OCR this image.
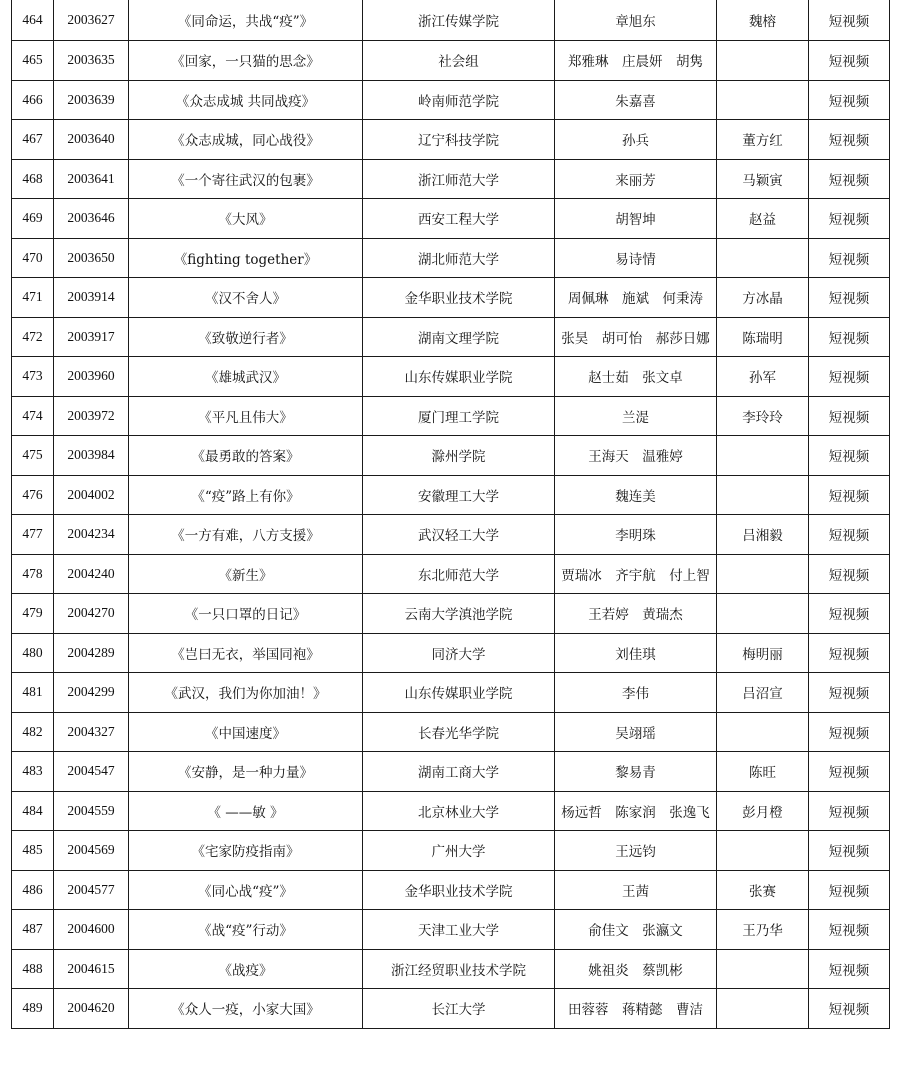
464	2003627	《同命运，共战“疫”》	浙江传媒学院	章旭东	魏榕	短视频
465	2003635	《回家，一只猫的思念》	社会组	郑雅琳　庄晨妍　胡隽		短视频
466	2003639	《众志成城 共同战疫》	岭南师范学院	朱嘉喜		短视频
467	2003640	《众志成城，同心战役》	辽宁科技学院	孙兵	董方红	短视频
468	2003641	《一个寄往武汉的包裹》	浙江师范大学	来丽芳	马颖寅	短视频
469	2003646	《大风》	西安工程大学	胡智坤	赵益	短视频
470	2003650	《fighting together》	湖北师范大学	易诗情		短视频
471	2003914	《汉不舍人》	金华职业技术学院	周佩琳　施斌　何秉涛	方冰晶	短视频
472	2003917	《致敬逆行者》	湖南文理学院	张昊　胡可怡　郝莎日娜	陈瑞明	短视频
473	2003960	《雄城武汉》	山东传媒职业学院	赵士茹　张文卓	孙军	短视频
474	2003972	《平凡且伟大》	厦门理工学院	兰湜	李玲玲	短视频
475	2003984	《最勇敢的答案》	滁州学院	王海天　温雅婷		短视频
476	2004002	《“疫”路上有你》	安徽理工大学	魏连美		短视频
477	2004234	《一方有难，八方支援》	武汉轻工大学	李明珠	吕湘毅	短视频
478	2004240	《新生》	东北师范大学	贾瑞冰　齐宇航　付上智		短视频
479	2004270	《一只口罩的日记》	云南大学滇池学院	王若婷　黄瑞杰		短视频
480	2004289	《岂曰无衣，举国同袍》	同济大学	刘佳琪	梅明丽	短视频
481	2004299	《武汉，我们为你加油！》	山东传媒职业学院	李伟	吕沼宣	短视频
482	2004327	《中国速度》	长春光华学院	吴翊瑶		短视频
483	2004547	《安静，是一种力量》	湖南工商大学	黎易青	陈旺	短视频
484	2004559	《 ——敏 》	北京林业大学	杨远哲　陈家润　张逸飞	彭月橙	短视频
485	2004569	《宅家防疫指南》	广州大学	王远钧		短视频
486	2004577	《同心战“疫”》	金华职业技术学院	王茜	张赛	短视频
487	2004600	《战“疫”行动》	天津工业大学	俞佳文　张瀛文	王乃华	短视频
488	2004615	《战疫》	浙江经贸职业技术学院	姚祖炎　蔡凯彬		短视频
489	2004620	《众人一疫，小家大国》	长江大学	田蓉蓉　蒋精懿　曹洁		短视频
